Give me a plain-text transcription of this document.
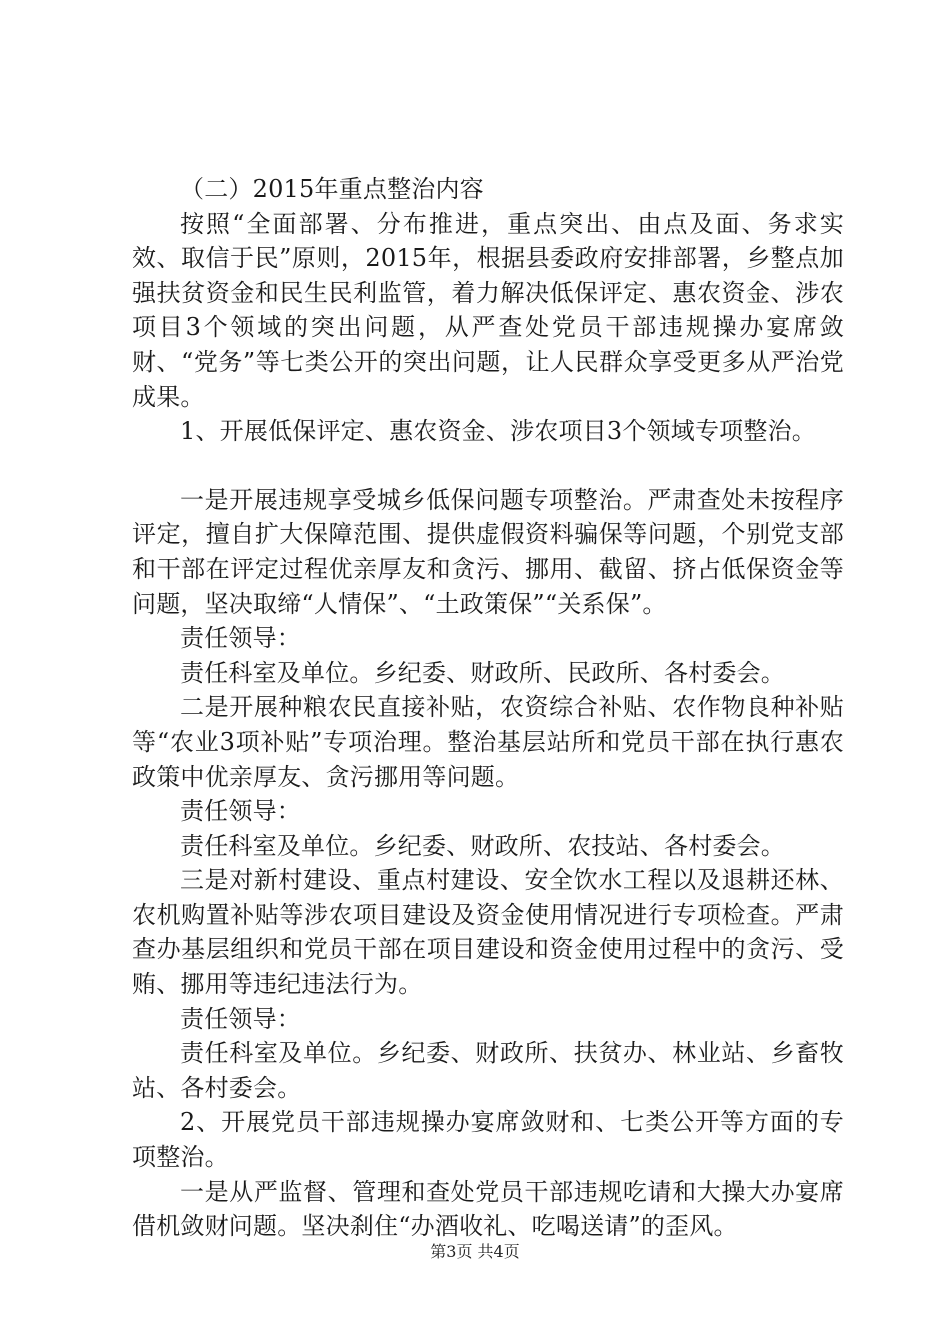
（二）2015年重点整治内容

按照“全面部署、分布推进，重点突出、由点及面、务求实效、取信于民”原则，2015年，根据县委政府安排部署，乡整点加强扶贫资金和民生民利监管，着力解决低保评定、惠农资金、涉农项目3个领域的突出问题，从严查处党员干部违规操办宴席敛财、“党务”等七类公开的突出问题，让人民群众享受更多从严治党成果。

1、开展低保评定、惠农资金、涉农项目3个领域专项整治。

一是开展违规享受城乡低保问题专项整治。严肃查处未按程序评定，擅自扩大保障范围、提供虚假资料骗保等问题，个别党支部和干部在评定过程优亲厚友和贪污、挪用、截留、挤占低保资金等问题，坚决取缔“人情保”、“土政策保”“关系保”。

责任领导：

责任科室及单位。乡纪委、财政所、民政所、各村委会。

二是开展种粮农民直接补贴，农资综合补贴、农作物良种补贴等“农业3项补贴”专项治理。整治基层站所和党员干部在执行惠农政策中优亲厚友、贪污挪用等问题。

责任领导：

责任科室及单位。乡纪委、财政所、农技站、各村委会。

三是对新村建设、重点村建设、安全饮水工程以及退耕还林、农机购置补贴等涉农项目建设及资金使用情况进行专项检查。严肃查办基层组织和党员干部在项目建设和资金使用过程中的贪污、受贿、挪用等违纪违法行为。

责任领导：

责任科室及单位。乡纪委、财政所、扶贫办、林业站、乡畜牧站、各村委会。

2、开展党员干部违规操办宴席敛财和、七类公开等方面的专项整治。

一是从严监督、管理和查处党员干部违规吃请和大操大办宴席借机敛财问题。坚决刹住“办酒收礼、吃喝送请”的歪风。

第3页 共4页
